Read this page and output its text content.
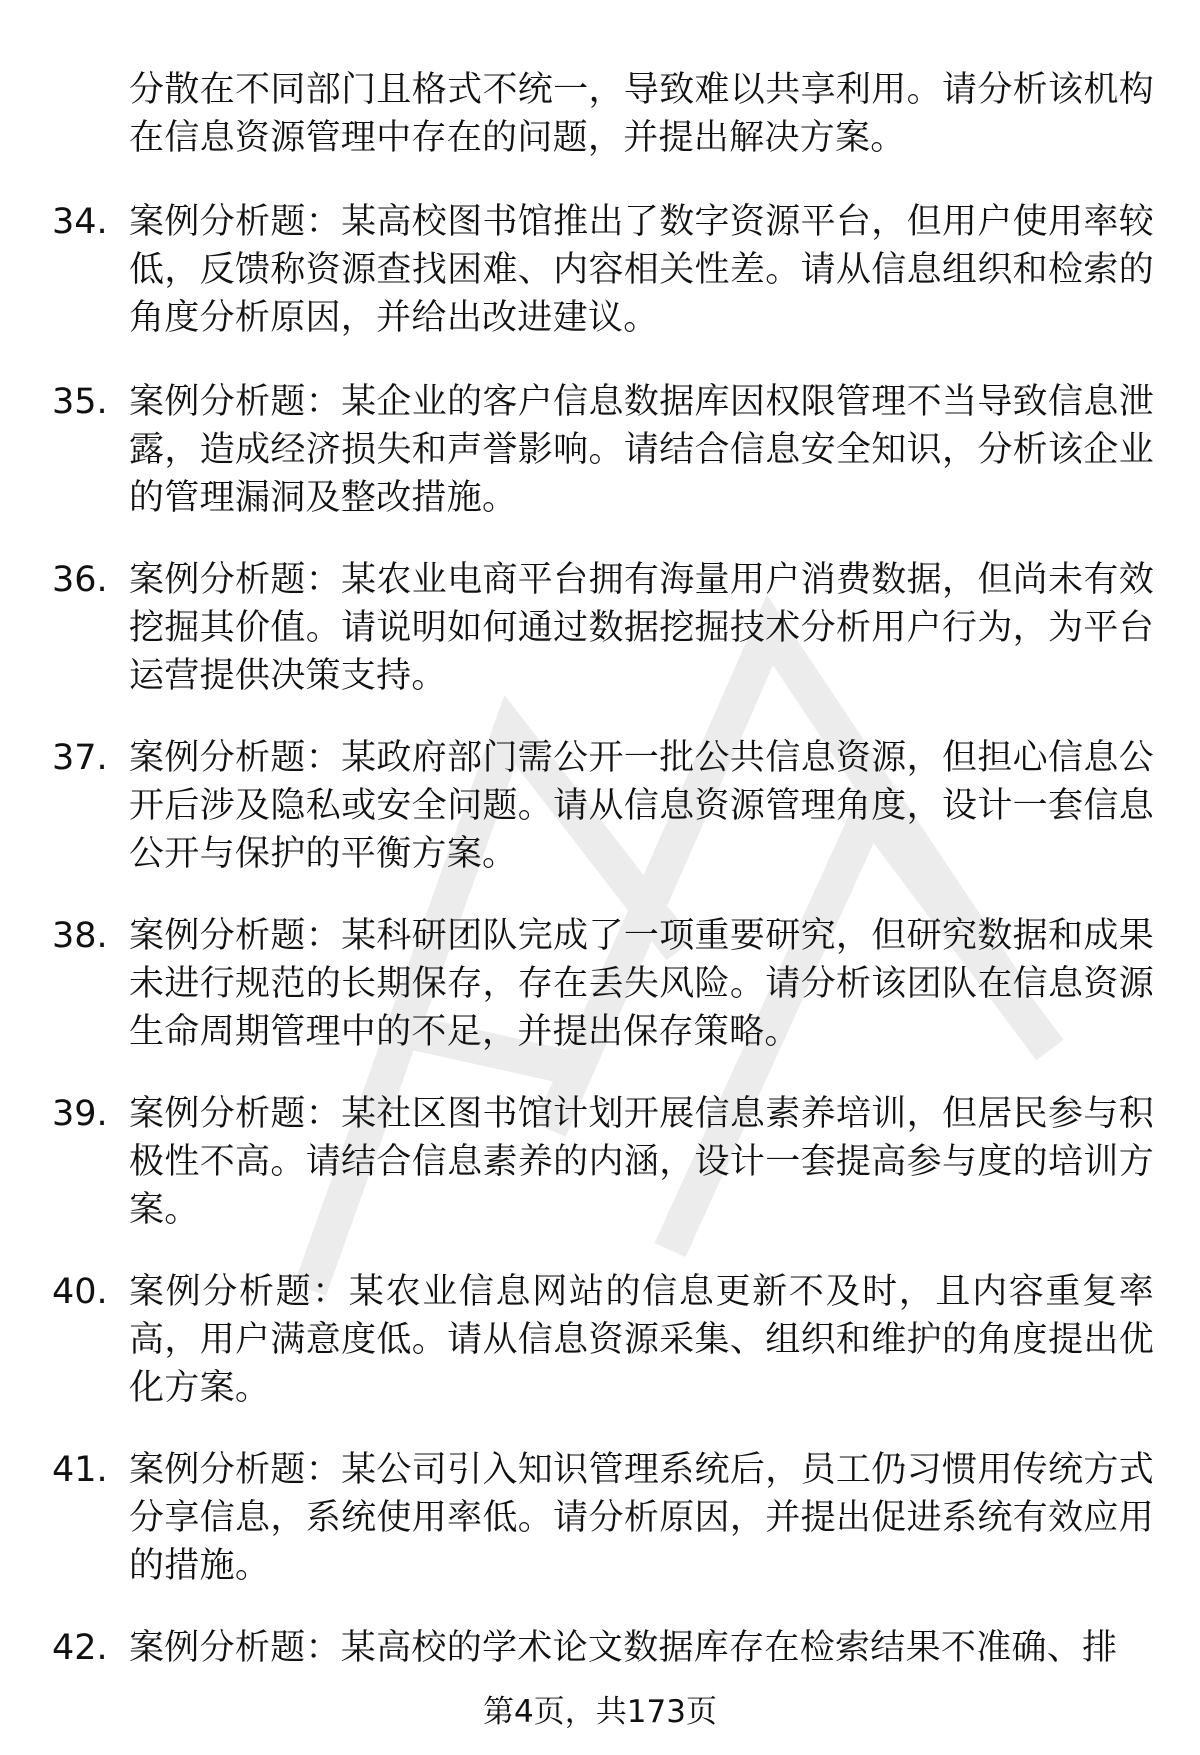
分散在不同部门且格式不统一，导致难以共享利用。请分析该机构在信息资源管理中存在的问题，并提出解决方案。
34. 案例分析题：某高校图书馆推出了数字资源平台，但用户使用率较低，反馈称资源查找困难、内容相关性差。请从信息组织和检索的角度分析原因，并给出改进建议。
35. 案例分析题：某企业的客户信息数据库因权限管理不当导致信息泄露，造成经济损失和声誉影响。请结合信息安全知识，分析该企业的管理漏洞及整改措施。
36. 案例分析题：某农业电商平台拥有海量用户消费数据，但尚未有效挖掘其价值。请说明如何通过数据挖掘技术分析用户行为，为平台运营提供决策支持。
37. 案例分析题：某政府部门需公开一批公共信息资源，但担心信息公开后涉及隐私或安全问题。请从信息资源管理角度，设计一套信息公开与保护的平衡方案。
38. 案例分析题：某科研团队完成了一项重要研究，但研究数据和成果未进行规范的长期保存，存在丢失风险。请分析该团队在信息资源生命周期管理中的不足，并提出保存策略。
39. 案例分析题：某社区图书馆计划开展信息素养培训，但居民参与积极性不高。请结合信息素养的内涵，设计一套提高参与度的培训方案。
40. 案例分析题：某农业信息网站的信息更新不及时，且内容重复率高，用户满意度低。请从信息资源采集、组织和维护的角度提出优化方案。
41. 案例分析题：某公司引入知识管理系统后，员工仍习惯用传统方式分享信息，系统使用率低。请分析原因，并提出促进系统有效应用的措施。
42. 案例分析题：某高校的学术论文数据库存在检索结果不准确、排
第4页，共173页
